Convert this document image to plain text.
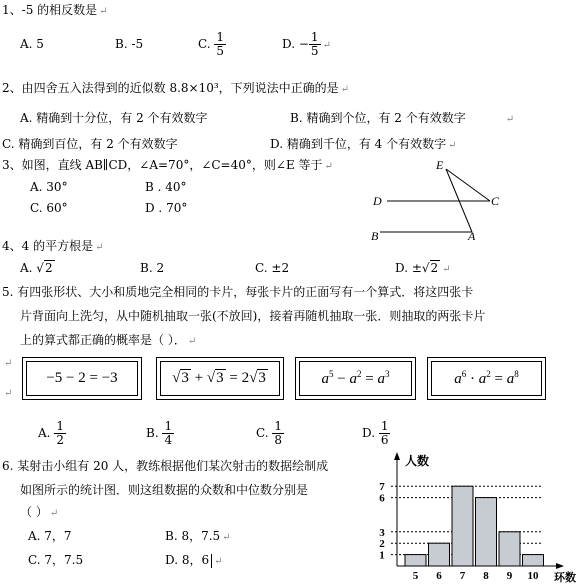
1、-5 的相反数是 ↵
A. 5	B. -5	C. $\frac{1}{5}$	D. − $\frac{1}{5}$ ↵
2、由四舍五入法得到的近似数 8.8×10³，下列说法中正确的是 ↵
A. 精确到十分位，有 2 个有效数字	B. 精确到个位，有 2 个有效数字	↵
C. 精确到百位，有 2 个有效数字	D. 精确到千位，有 4 个有效数字 ↵
3、如图，直线 AB∥CD，∠A=70°，∠C=40°，则∠E 等于 ↵
A. 30°	B . 40°
C. 60°	D . 70°
E
D	C
B	A
4、4 的平方根是 ↵
A. √2	B. 2	C. ±2	D. ±√2 ↵
5. 有四张形状、大小和质地完全相同的卡片，每张卡片的正面写有一个算式．将这四张卡
片背面向上洗匀，从中随机抽取一张(不放回)，接着再随机抽取一张．则抽取的两张卡片
上的算式都正确的概率是（ ）． ↵
↵
↵
−5 − 2 = −3	√3 + √3 = 2√3	$a^5 - a^2 = a^3$	$a^6 \cdot a^2 = a^8$
A. $\frac{1}{2}$	B. $\frac{1}{4}$	C. $\frac{1}{8}$	D. $\frac{1}{6}$
6. 某射击小组有 20 人，教练根据他们某次射击的数据绘制成
如图所示的统计图．则这组数据的众数和中位数分别是
（ ） ↵
A. 7，7	B. 8，7.5 ↵
C. 7，7.5	D. 8，6 ↵
人数
环数
1
2
3
6
7
5 6 7 8 9 10
